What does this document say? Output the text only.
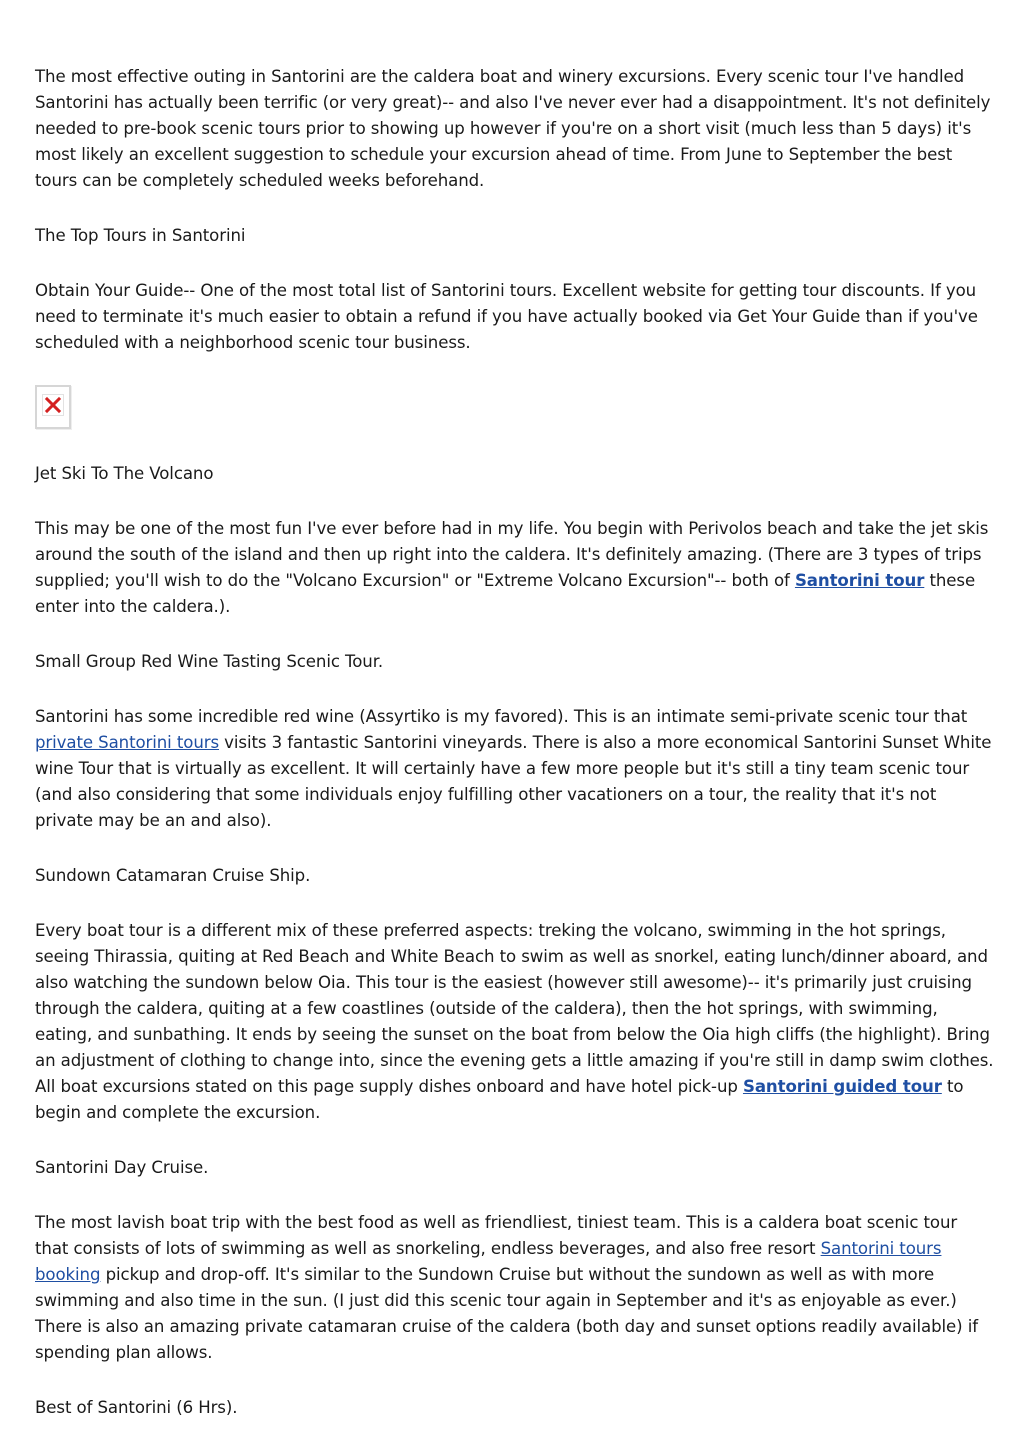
The most effective outing in Santorini are the caldera boat and winery excursions. Every scenic tour I've handled Santorini has actually been terrific (or very great)-- and also I've never ever had a disappointment. It's not definitely needed to pre-book scenic tours prior to showing up however if you're on a short visit (much less than 5 days) it's most likely an excellent suggestion to schedule your excursion ahead of time. From June to September the best tours can be completely scheduled weeks beforehand.

The Top Tours in Santorini

Obtain Your Guide-- One of the most total list of Santorini tours. Excellent website for getting tour discounts. If you need to terminate it's much easier to obtain a refund if you have actually booked via Get Your Guide than if you've scheduled with a neighborhood scenic tour business.

Jet Ski To The Volcano

This may be one of the most fun I've ever before had in my life. You begin with Perivolos beach and take the jet skis around the south of the island and then up right into the caldera. It's definitely amazing. (There are 3 types of trips supplied; you'll wish to do the "Volcano Excursion" or "Extreme Volcano Excursion"-- both of Santorini tour these enter into the caldera.).

Small Group Red Wine Tasting Scenic Tour.

Santorini has some incredible red wine (Assyrtiko is my favored). This is an intimate semi-private scenic tour that private Santorini tours visits 3 fantastic Santorini vineyards. There is also a more economical Santorini Sunset White wine Tour that is virtually as excellent. It will certainly have a few more people but it's still a tiny team scenic tour (and also considering that some individuals enjoy fulfilling other vacationers on a tour, the reality that it's not private may be an and also).

Sundown Catamaran Cruise Ship.

Every boat tour is a different mix of these preferred aspects: treking the volcano, swimming in the hot springs, seeing Thirassia, quiting at Red Beach and White Beach to swim as well as snorkel, eating lunch/dinner aboard, and also watching the sundown below Oia. This tour is the easiest (however still awesome)-- it's primarily just cruising through the caldera, quiting at a few coastlines (outside of the caldera), then the hot springs, with swimming, eating, and sunbathing. It ends by seeing the sunset on the boat from below the Oia high cliffs (the highlight). Bring an adjustment of clothing to change into, since the evening gets a little amazing if you're still in damp swim clothes. All boat excursions stated on this page supply dishes onboard and have hotel pick-up Santorini guided tour to begin and complete the excursion.

Santorini Day Cruise.

The most lavish boat trip with the best food as well as friendliest, tiniest team. This is a caldera boat scenic tour that consists of lots of swimming as well as snorkeling, endless beverages, and also free resort Santorini tours booking pickup and drop-off. It's similar to the Sundown Cruise but without the sundown as well as with more swimming and also time in the sun. (I just did this scenic tour again in September and it's as enjoyable as ever.) There is also an amazing private catamaran cruise of the caldera (both day and sunset options readily available) if spending plan allows.

Best of Santorini (6 Hrs).
